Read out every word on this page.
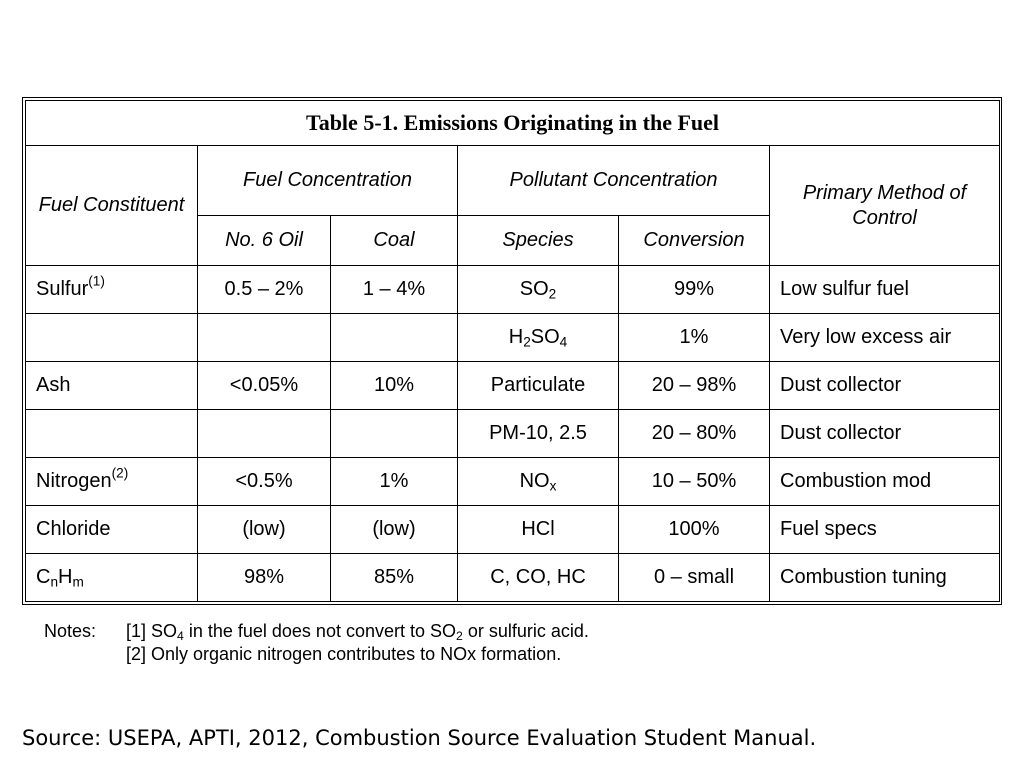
Table 5-1. Emissions Originating in the Fuel					
Fuel Constituent	Fuel Concentration		Pollutant Concentration		Primary Method of Control
	No. 6 Oil	Coal	Species	Conversion	
Sulfur$^{(1)}$	0.5 – 2%	1 – 4%	$SO_2$	99%	Low sulfur fuel
			$H_2SO_4$	1%	Very low excess air
Ash	<0.05%	10%	Particulate	20 – 98%	Dust collector
			PM-10, 2.5	20 – 80%	Dust collector
Nitrogen$^{(2)}$	<0.5%	1%	$NO_x$	10 – 50%	Combustion mod
Chloride	(low)	(low)	HCl	100%	Fuel specs
$C_nH_m$	98%	85%	C, CO, HC	0 – small	Combustion tuning
Notes:	[1] $SO_4$ in the fuel does not convert to $SO_2$ or sulfuric acid.
[2] Only organic nitrogen contributes to NOx formation.
Source: USEPA, APTI, 2012, Combustion Source Evaluation Student Manual.
